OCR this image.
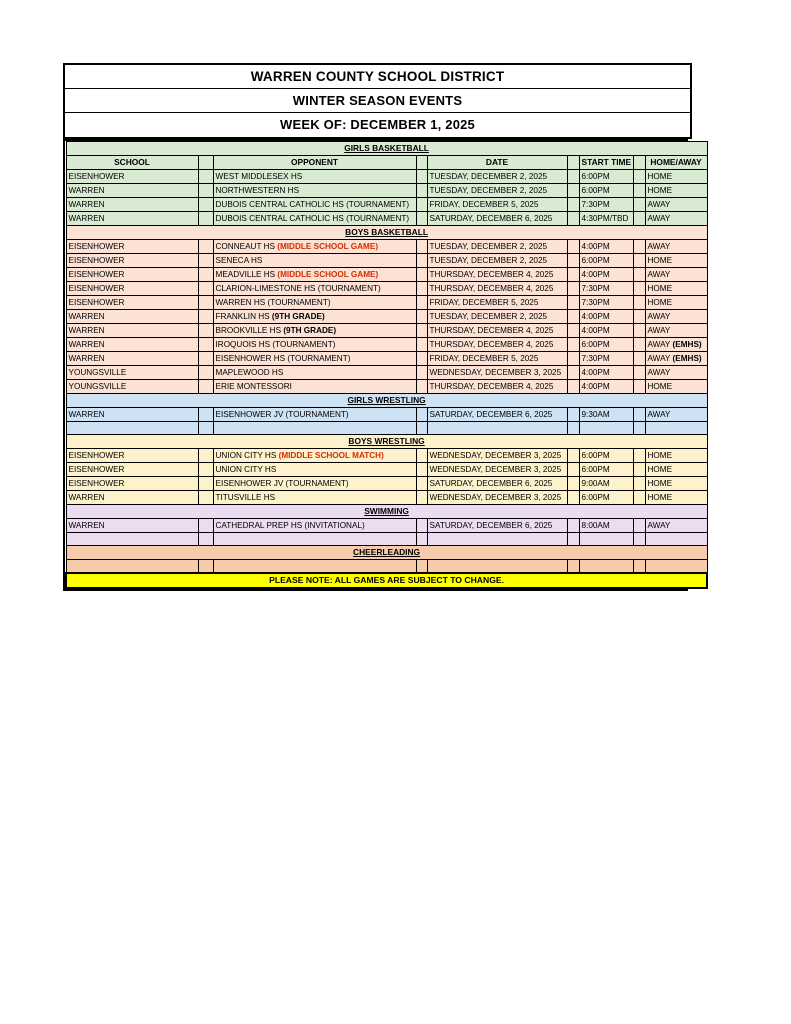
WARREN COUNTY SCHOOL DISTRICT
WINTER SEASON EVENTS
WEEK OF: DECEMBER 1, 2025
GIRLS BASKETBALL								
SCHOOL		OPPONENT		DATE		START TIME		HOME/AWAY
EISENHOWER		WEST MIDDLESEX HS		TUESDAY, DECEMBER 2, 2025		6:00PM		HOME
WARREN		NORTHWESTERN HS		TUESDAY, DECEMBER 2, 2025		6:00PM		HOME
WARREN		DUBOIS CENTRAL CATHOLIC HS (TOURNAMENT)		FRIDAY, DECEMBER 5, 2025		7:30PM		AWAY
WARREN		DUBOIS CENTRAL CATHOLIC HS (TOURNAMENT)		SATURDAY, DECEMBER 6, 2025		4:30PM/TBD		AWAY
BOYS BASKETBALL								
EISENHOWER		CONNEAUT HS (MIDDLE SCHOOL GAME)		TUESDAY, DECEMBER 2, 2025		4:00PM		AWAY
EISENHOWER		SENECA HS		TUESDAY, DECEMBER 2, 2025		6:00PM		HOME
EISENHOWER		MEADVILLE HS (MIDDLE SCHOOL GAME)		THURSDAY, DECEMBER 4, 2025		4:00PM		AWAY
EISENHOWER		CLARION-LIMESTONE HS (TOURNAMENT)		THURSDAY, DECEMBER 4, 2025		7:30PM		HOME
EISENHOWER		WARREN HS (TOURNAMENT)		FRIDAY, DECEMBER 5, 2025		7:30PM		HOME
WARREN		FRANKLIN HS (9TH GRADE)		TUESDAY, DECEMBER 2, 2025		4:00PM		AWAY
WARREN		BROOKVILLE HS (9TH GRADE)		THURSDAY, DECEMBER 4, 2025		4:00PM		AWAY
WARREN		IROQUOIS HS (TOURNAMENT)		THURSDAY, DECEMBER 4, 2025		6:00PM		AWAY (EMHS)
WARREN		EISENHOWER HS (TOURNAMENT)		FRIDAY, DECEMBER 5, 2025		7:30PM		AWAY (EMHS)
YOUNGSVILLE		MAPLEWOOD HS		WEDNESDAY, DECEMBER 3, 2025		4:00PM		AWAY
YOUNGSVILLE		ERIE MONTESSORI		THURSDAY, DECEMBER 4, 2025		4:00PM		HOME
GIRLS WRESTLING								
WARREN		EISENHOWER JV (TOURNAMENT)		SATURDAY, DECEMBER 6, 2025		9:30AM		AWAY

BOYS WRESTLING								
EISENHOWER		UNION CITY HS (MIDDLE SCHOOL MATCH)		WEDNESDAY, DECEMBER 3, 2025		6:00PM		HOME
EISENHOWER		UNION CITY HS		WEDNESDAY, DECEMBER 3, 2025		6:00PM		HOME
EISENHOWER		EISENHOWER JV (TOURNAMENT)		SATURDAY, DECEMBER 6, 2025		9:00AM		HOME
WARREN		TITUSVILLE HS		WEDNESDAY, DECEMBER 3, 2025		6:00PM		HOME
SWIMMING								
WARREN		CATHEDRAL PREP HS (INVITATIONAL)		SATURDAY, DECEMBER 6, 2025		8:00AM		AWAY

CHEERLEADING								

PLEASE NOTE: ALL GAMES ARE SUBJECT TO CHANGE.								
